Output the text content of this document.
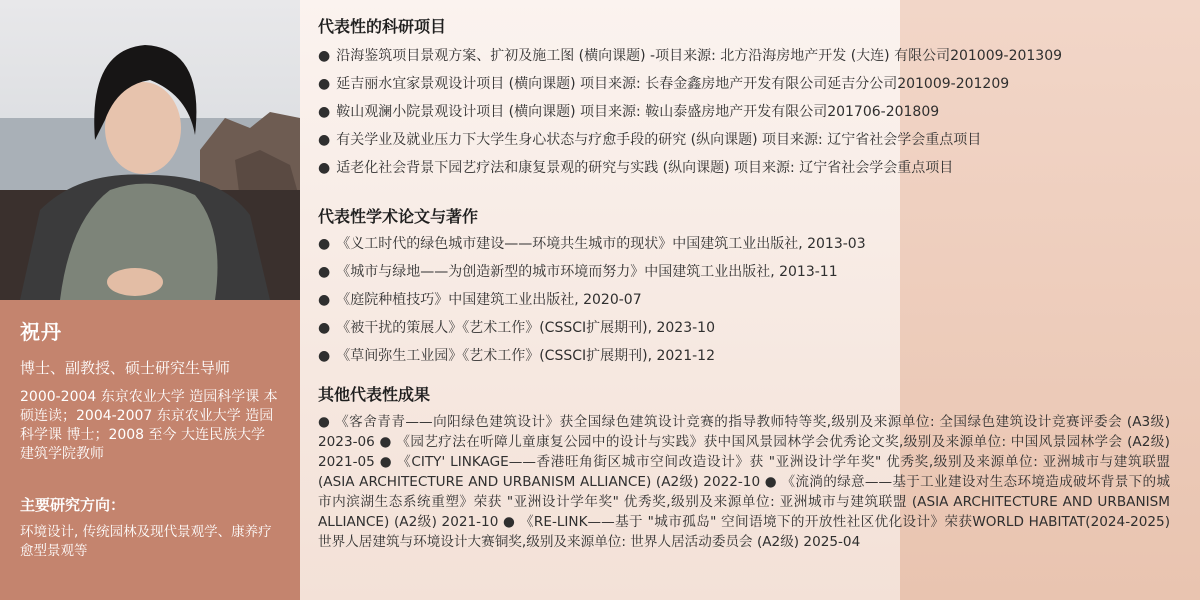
祝丹

博士、副教授、硕士研究生导师

2000-2004 东京农业大学 造园科学课 本硕连读；2004-2007 东京农业大学 造园科学课 博士；2008 至今 大连民族大学 建筑学院教师

主要研究方向：

环境设计, 传统园林及现代景观学、康养疗愈型景观等

代表性的科研项目
● 沿海鉴筑项目景观方案、扩初及施工图 (横向课题) -项目来源: 北方沿海房地产开发 (大连) 有限公司201009-201309
● 延吉丽水宜家景观设计项目 (横向课题) 项目来源: 长春金鑫房地产开发有限公司延吉分公司201009-201209
● 鞍山观澜小院景观设计项目 (横向课题) 项目来源: 鞍山泰盛房地产开发有限公司201706-201809
● 有关学业及就业压力下大学生身心状态与疗愈手段的研究 (纵向课题) 项目来源: 辽宁省社会学会重点项目
● 适老化社会背景下园艺疗法和康复景观的研究与实践 (纵向课题) 项目来源: 辽宁省社会学会重点项目
代表性学术论文与著作
● 《义工时代的绿色城市建设——环境共生城市的现状》中国建筑工业出版社, 2013-03
● 《城市与绿地——为创造新型的城市环境而努力》中国建筑工业出版社, 2013-11
● 《庭院种植技巧》中国建筑工业出版社, 2020-07
● 《被干扰的策展人》《艺术工作》(CSSCI扩展期刊), 2023-10
● 《草间弥生工业园》《艺术工作》(CSSCI扩展期刊), 2021-12
其他代表性成果

● 《客舍青青——向阳绿色建筑设计》获全国绿色建筑设计竞赛的指导教师特等奖,级别及来源单位: 全国绿色建筑设计竞赛评委会 (A3级) 2023-06 ● 《园艺疗法在听障儿童康复公园中的设计与实践》获中国风景园林学会优秀论文奖,级别及来源单位: 中国风景园林学会 (A2级) 2021-05 ● 《CITY' LINKAGE——香港旺角街区城市空间改造设计》获 "亚洲设计学年奖" 优秀奖,级别及来源单位: 亚洲城市与建筑联盟 (ASIA ARCHITECTURE AND URBANISM ALLIANCE) (A2级) 2022-10 ● 《流淌的绿意——基于工业建设对生态环境造成破坏背景下的城市内滨湖生态系统重塑》荣获 "亚洲设计学年奖" 优秀奖,级别及来源单位: 亚洲城市与建筑联盟 (ASIA ARCHITECTURE AND URBANISM ALLIANCE) (A2级) 2021-10 ● 《RE-LINK——基于 "城市孤岛" 空间语境下的开放性社区优化设计》荣获WORLD HABITAT(2024-2025)世界人居建筑与环境设计大赛铜奖,级别及来源单位: 世界人居活动委员会 (A2级) 2025-04
